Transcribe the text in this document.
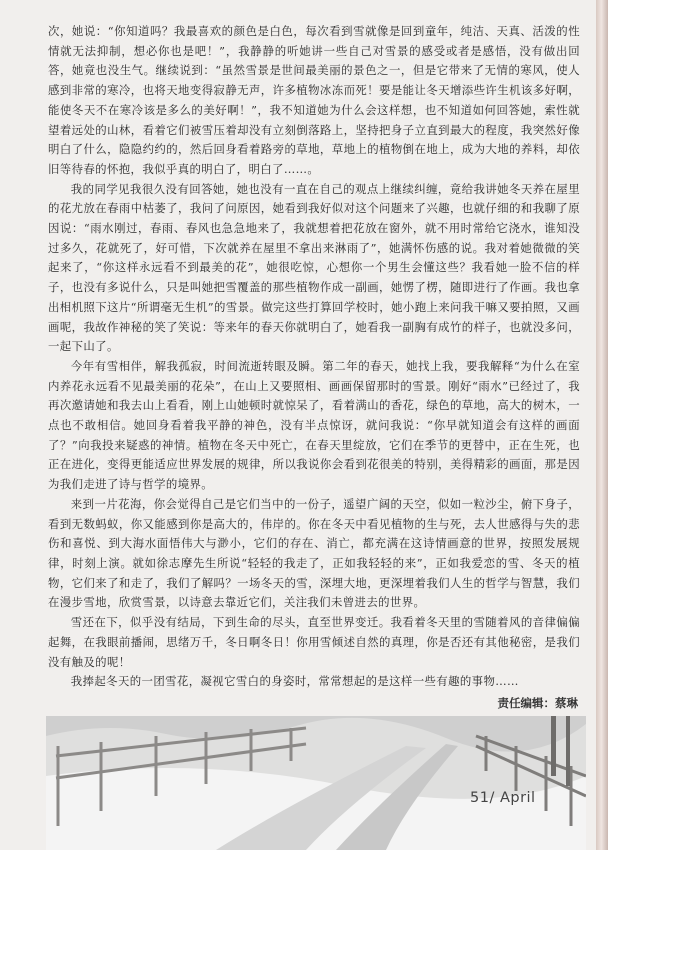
次，她说：“你知道吗？我最喜欢的颜色是白色，每次看到雪就像是回到童年，纯洁、天真、活泼的性情就无法抑制，想必你也是吧！”，我静静的听她讲一些自己对雪景的感受或者是感悟，没有做出回答，她竟也没生气。继续说到：“虽然雪景是世间最美丽的景色之一，但是它带来了无情的寒风，使人感到非常的寒冷，也将天地变得寂静无声，许多植物冰冻而死！要是能让冬天增添些许生机该多好啊，能使冬天不在寒冷该是多么的美好啊！”，我不知道她为什么会这样想，也不知道如何回答她，索性就望着远处的山林，看着它们被雪压着却没有立刻倒落路上，坚持把身子立直到最大的程度，我突然好像明白了什么，隐隐约约的，然后回身看着路旁的草地，草地上的植物倒在地上，成为大地的养料，却依旧等待春的怀抱，我似乎真的明白了，明白了……。

我的同学见我很久没有回答她，她也没有一直在自己的观点上继续纠缠，竟给我讲她冬天养在屋里的花尤放在春雨中枯萎了，我问了问原因，她看到我好似对这个问题来了兴趣，也就仔细的和我聊了原因说：“雨水刚过，春雨、春风也急急地来了，我就想着把花放在窗外，就不用时常给它浇水，谁知没过多久，花就死了，好可惜，下次就养在屋里不拿出来淋雨了”，她满怀伤感的说。我对着她微微的笑起来了，“你这样永远看不到最美的花”，她很吃惊，心想你一个男生会懂这些？我看她一脸不信的样子，也没有多说什么，只是叫她把雪覆盖的那些植物作成一副画，她愣了楞，随即进行了作画。我也拿出相机照下这片“所谓毫无生机”的雪景。做完这些打算回学校时，她小跑上来问我干嘛又要拍照，又画画呢，我故作神秘的笑了笑说：等来年的春天你就明白了，她看我一副胸有成竹的样子，也就没多问，一起下山了。

今年有雪相伴，解我孤寂，时间流逝转眼及瞬。第二年的春天，她找上我，要我解释“为什么在室内养花永远看不见最美丽的花朵”，在山上又要照相、画画保留那时的雪景。刚好“雨水”已经过了，我再次邀请她和我去山上看看，刚上山她顿时就惊呆了，看着满山的香花，绿色的草地，高大的树木，一点也不敢相信。她回身看着我平静的神色，没有半点惊讶，就问我说：“你早就知道会有这样的画面了？”向我投来疑惑的神情。植物在冬天中死亡，在春天里绽放，它们在季节的更替中，正在生死，也正在进化，变得更能适应世界发展的规律，所以我说你会看到花很美的特别，美得精彩的画面，那是因为我们走进了诗与哲学的境界。

来到一片花海，你会觉得自己是它们当中的一份子，遥望广阔的天空，似如一粒沙尘，俯下身子，看到无数蚂蚁，你又能感到你是高大的，伟岸的。你在冬天中看见植物的生与死，去人世感得与失的悲伤和喜悦、到大海水面悟伟大与渺小，它们的存在、消亡，都充满在这诗情画意的世界，按照发展规律，时刻上演。就如徐志摩先生所说“轻轻的我走了，正如我轻轻的来”，正如我爱恋的雪、冬天的植物，它们来了和走了，我们了解吗？一场冬天的雪，深埋大地，更深埋着我们人生的哲学与智慧，我们在漫步雪地，欣赏雪景，以诗意去靠近它们，关注我们未曾进去的世界。

雪还在下，似乎没有结局，下到生命的尽头，直至世界变迁。我看着冬天里的雪随着风的音律偏偏起舞，在我眼前播闹，思绪万千，冬日啊冬日！你用雪倾述自然的真理，你是否还有其他秘密，是我们没有触及的呢！

我捧起冬天的一团雪花，凝视它雪白的身姿时，常常想起的是这样一些有趣的事物……

责任编辑：蔡琳
51/ April
